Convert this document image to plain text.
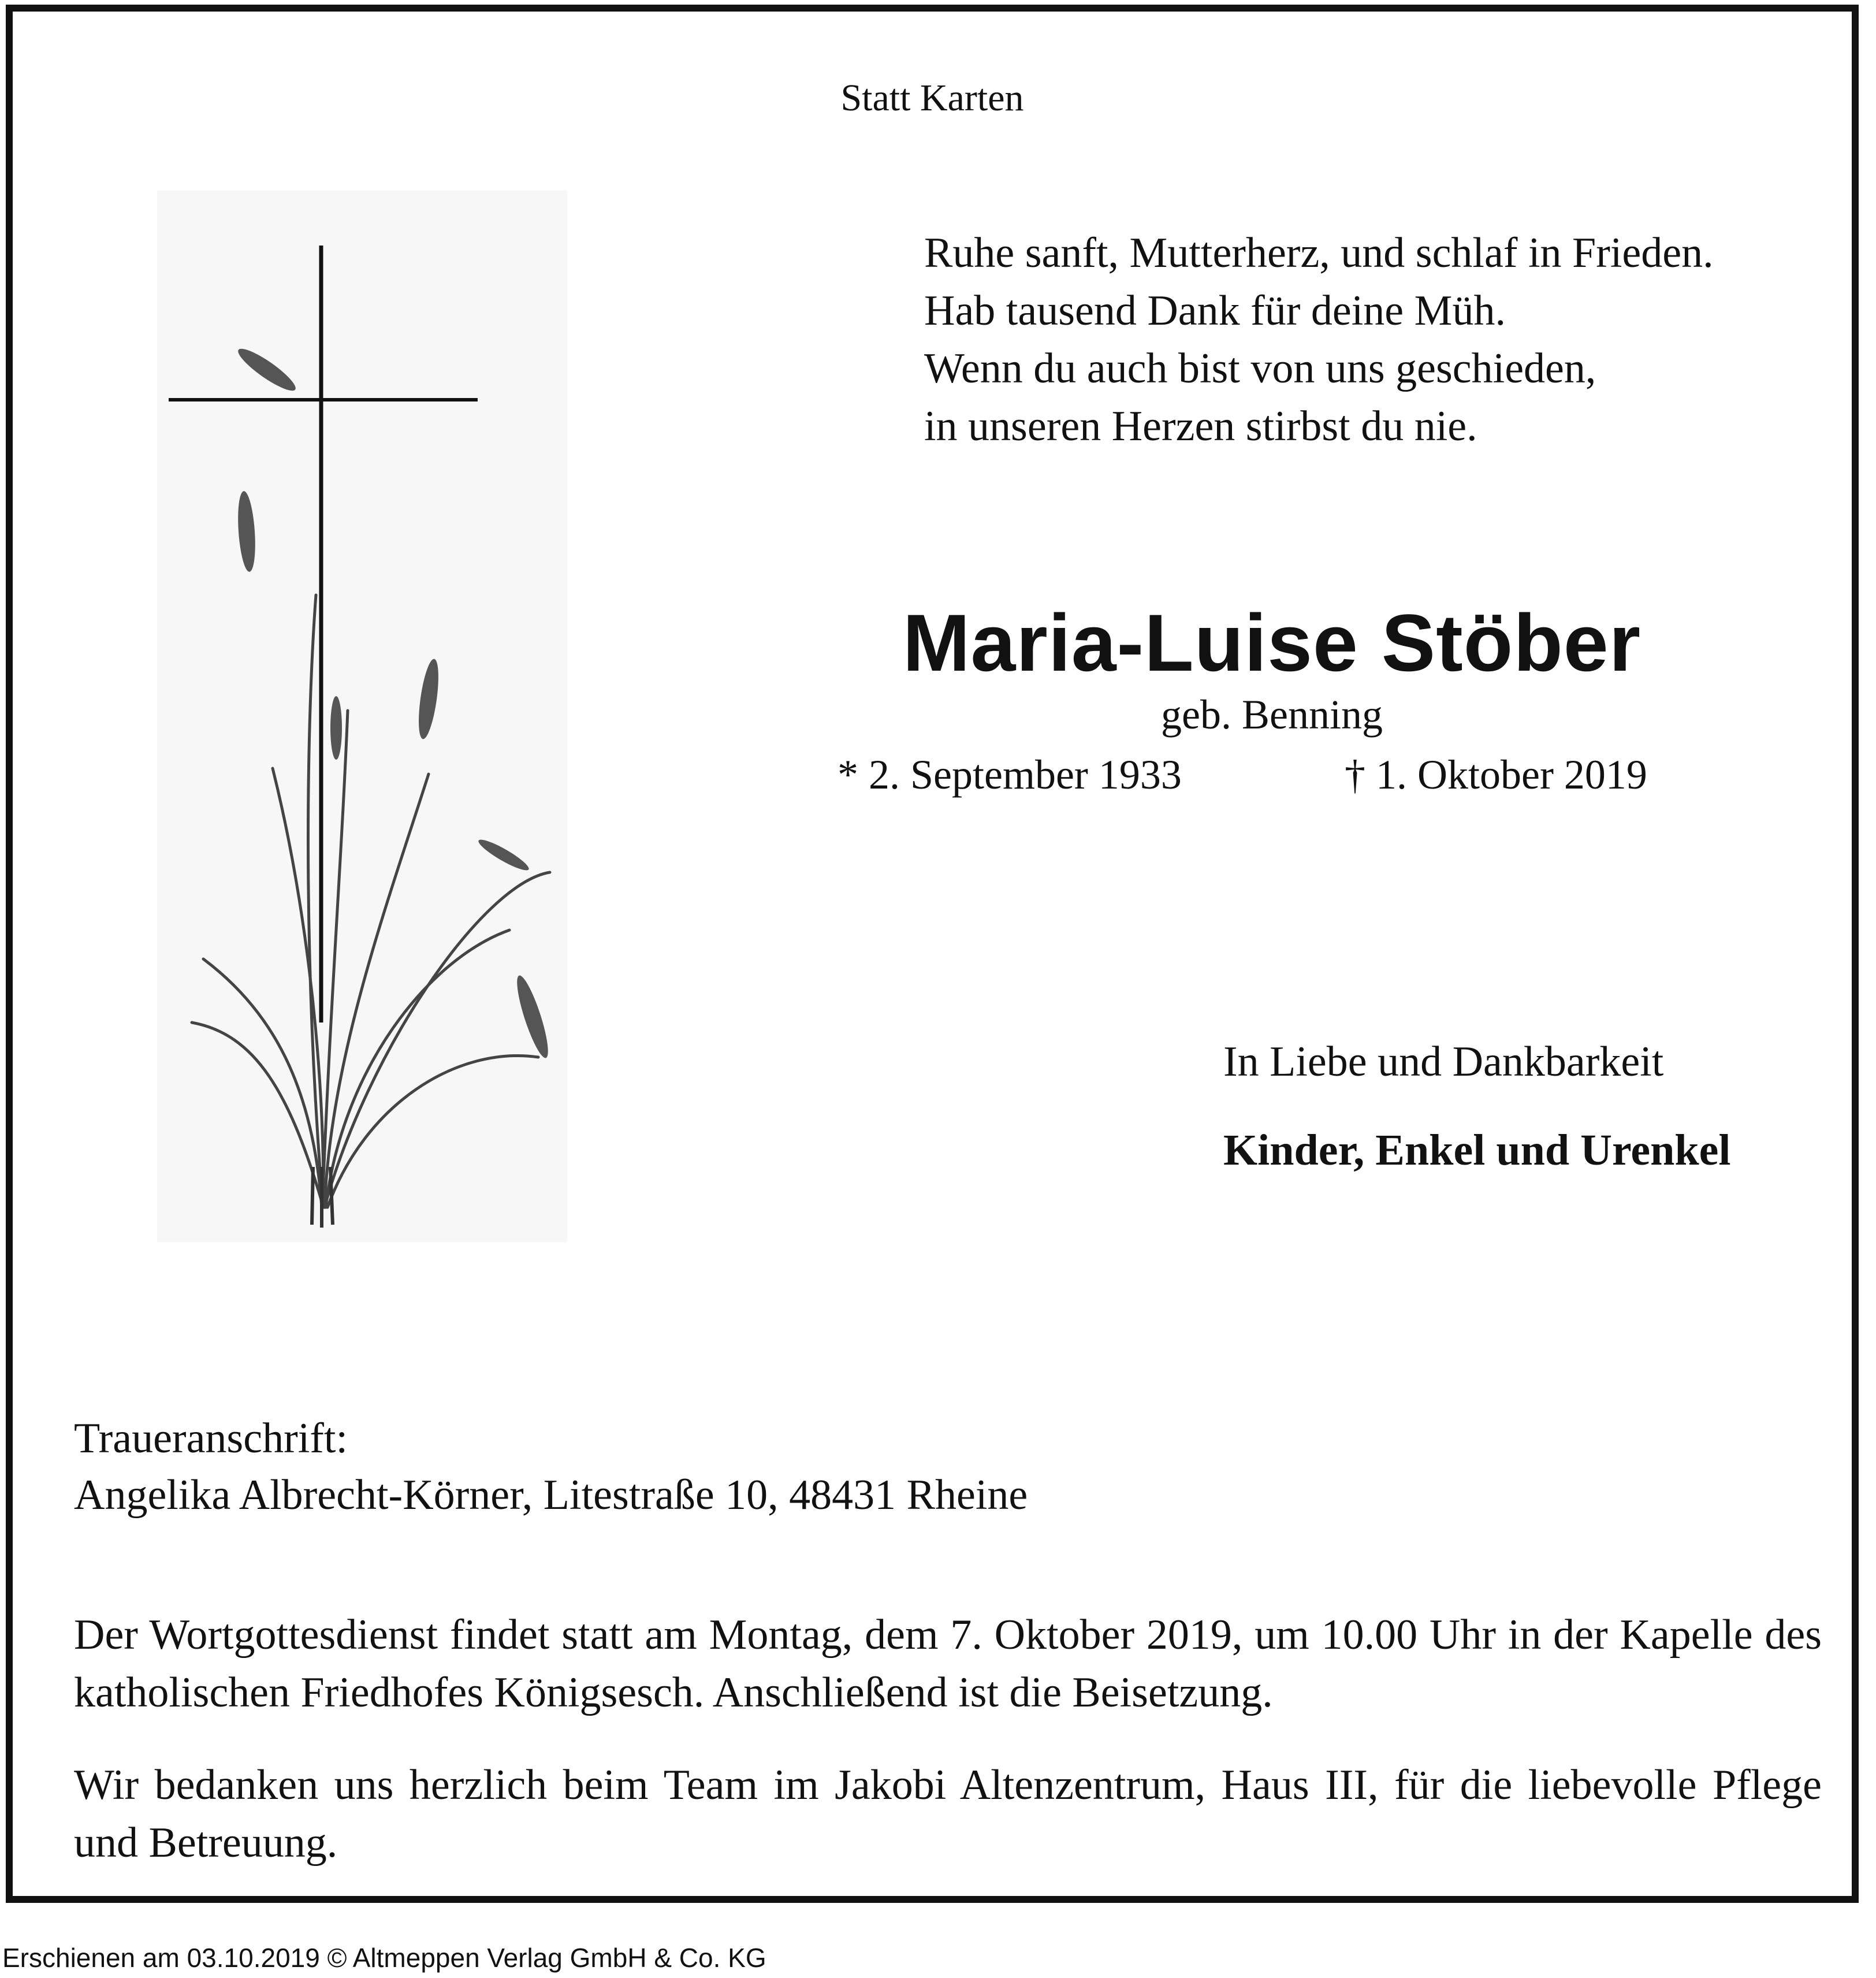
Statt Karten
Ruhe sanft, Mutterherz, und schlaf in Frieden.
Hab tausend Dank für deine Müh.
Wenn du auch bist von uns geschieden,
in unseren Herzen stirbst du nie.
Maria-Luise Stöber
geb. Benning
* 2. September 1933	† 1. Oktober 2019
In Liebe und Dankbarkeit
Kinder, Enkel und Urenkel
Traueranschrift:
Angelika Albrecht-Körner, Litestraße 10, 48431 Rheine
Der Wortgottesdienst findet statt am Montag, dem 7. Oktober 2019, um 10.00 Uhr in der Kapelle des katholischen Friedhofes Königsesch. Anschließend ist die Beisetzung.
Wir bedanken uns herzlich beim Team im Jakobi Altenzentrum, Haus III, für die liebevolle Pflege und Betreuung.
Erschienen am 03.10.2019 © Altmeppen Verlag GmbH & Co. KG
